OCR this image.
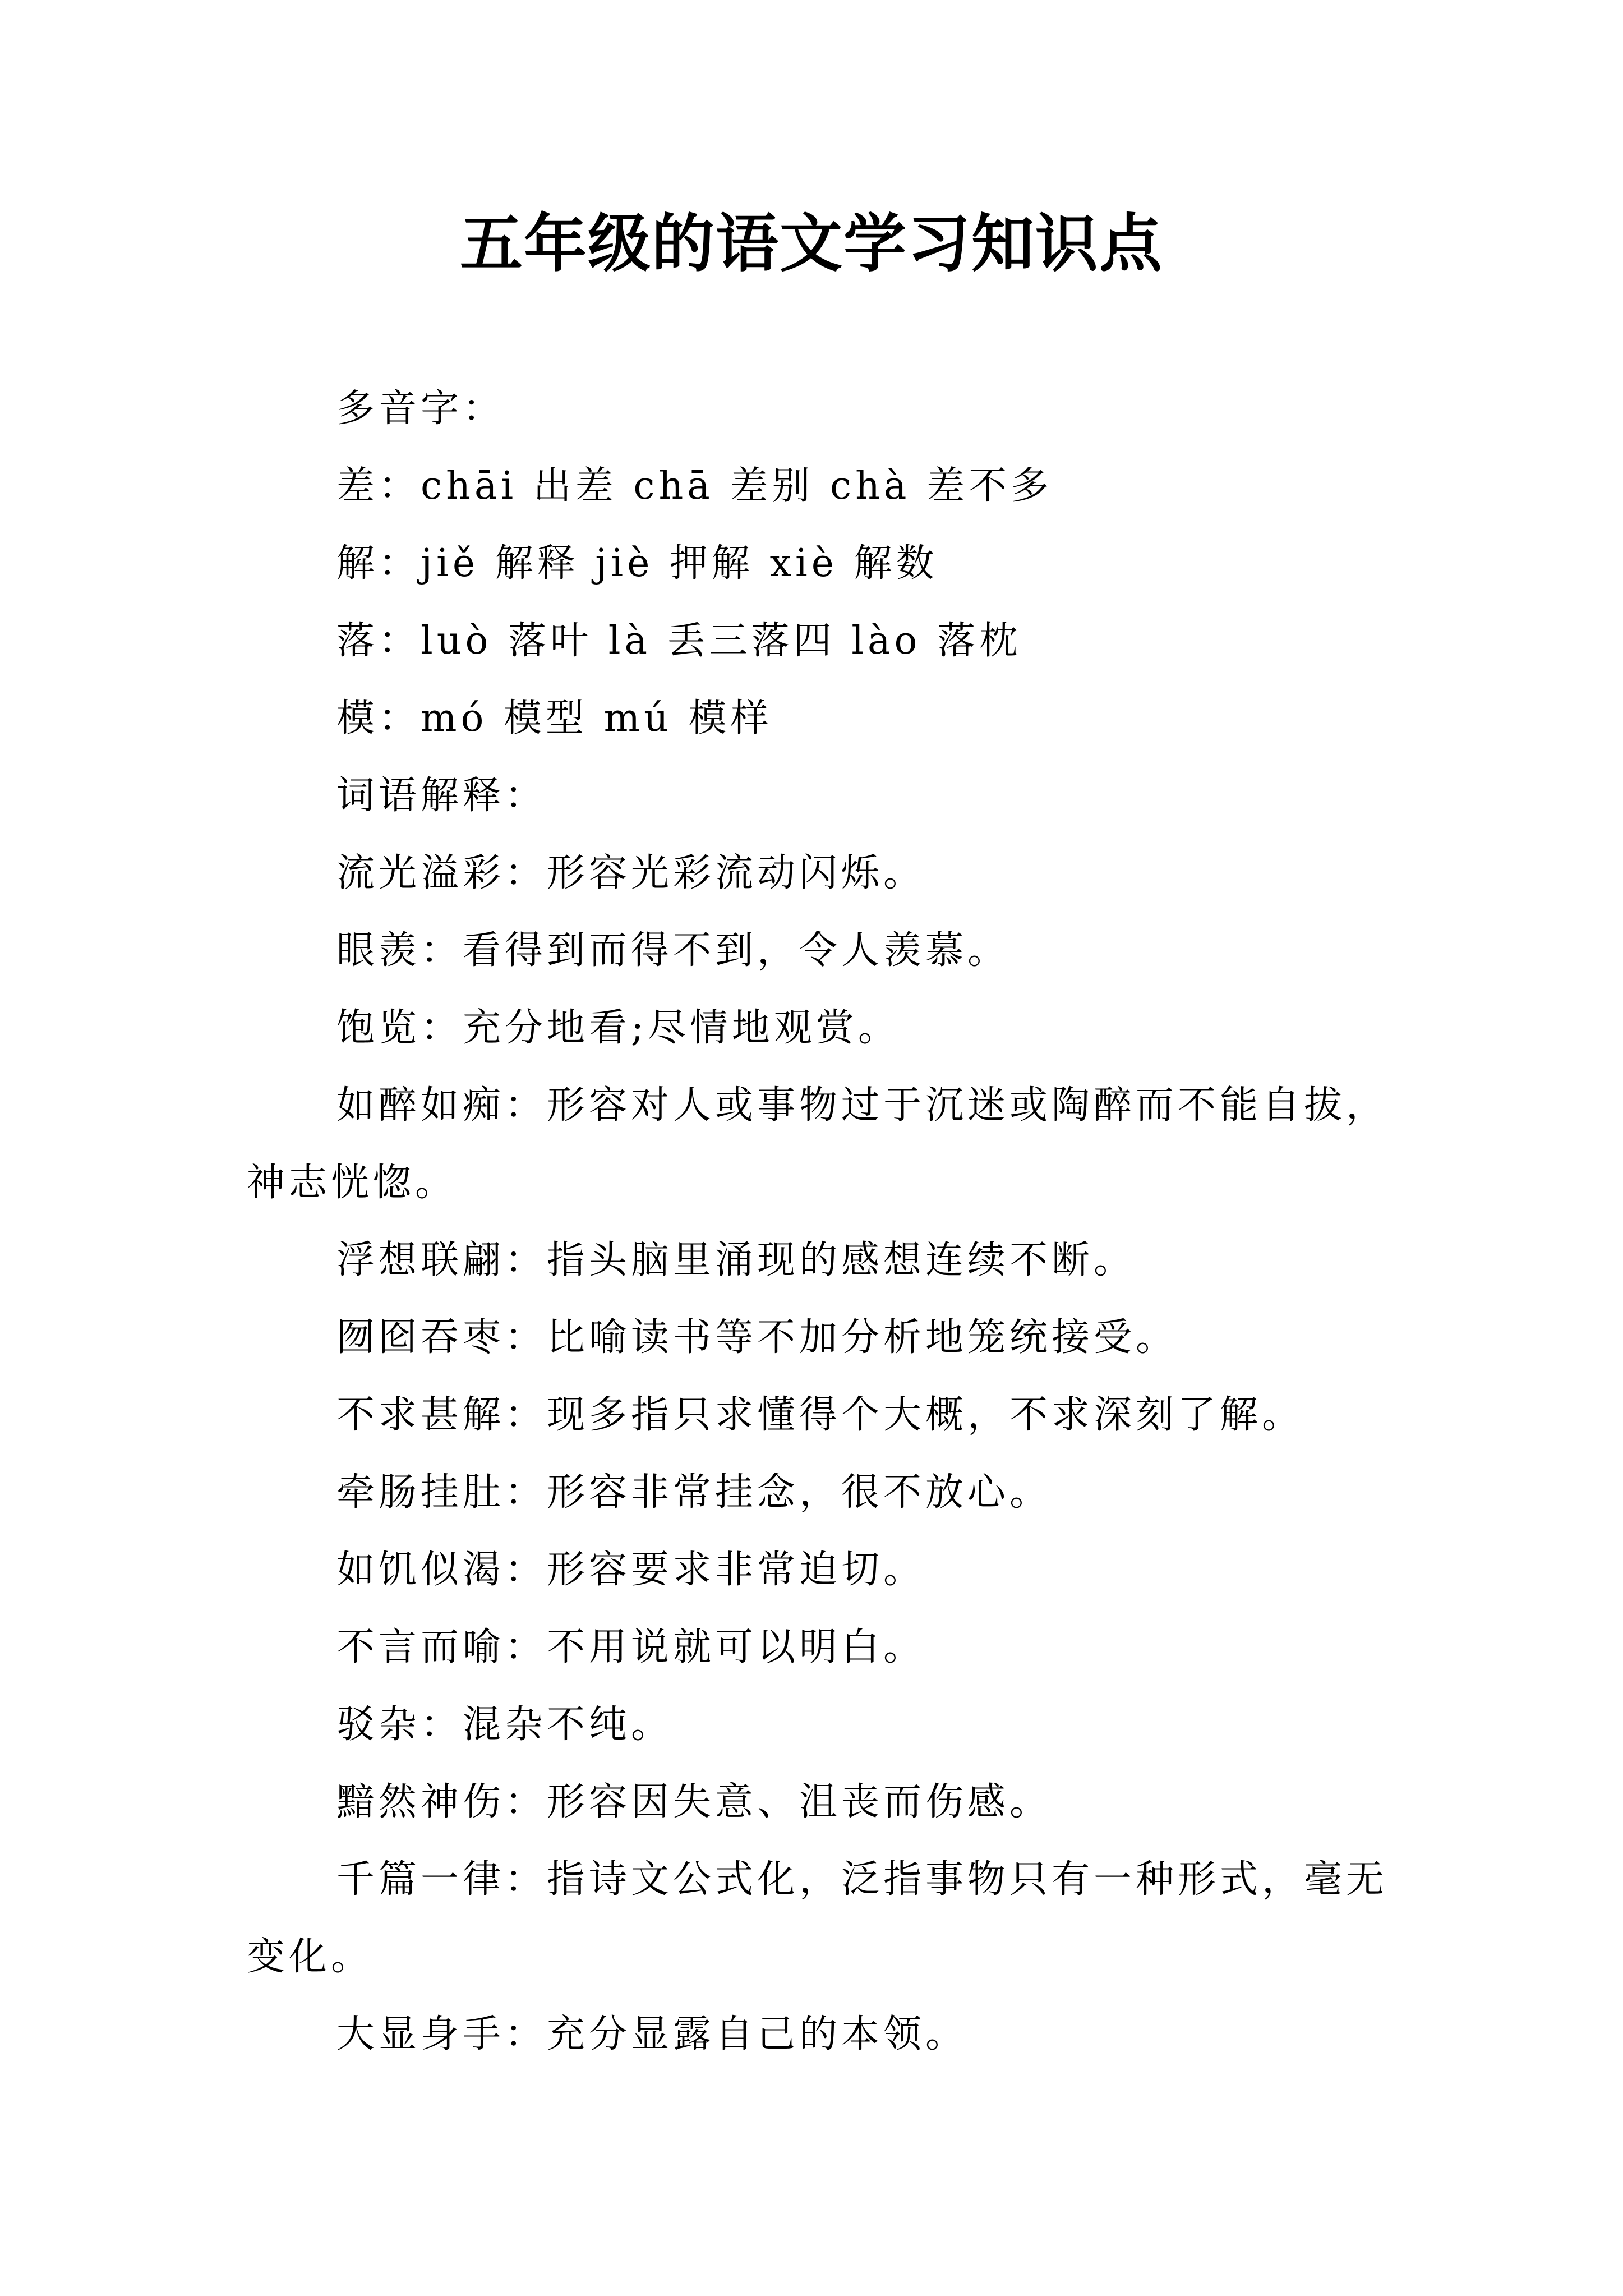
五年级的语文学习知识点

多音字：

差：chāi 出差 chā 差别 chà 差不多

解：jiě 解释 jiè 押解 xiè 解数

落：luò 落叶 là 丢三落四 lào 落枕

模：mó 模型 mú 模样

词语解释：

流光溢彩：形容光彩流动闪烁。

眼羡：看得到而得不到，令人羡慕。

饱览：充分地看;尽情地观赏。

如醉如痴：形容对人或事物过于沉迷或陶醉而不能自拔，神志恍惚。

浮想联翩：指头脑里涌现的感想连续不断。

囫囵吞枣：比喻读书等不加分析地笼统接受。

不求甚解：现多指只求懂得个大概，不求深刻了解。

牵肠挂肚：形容非常挂念，很不放心。

如饥似渴：形容要求非常迫切。

不言而喻：不用说就可以明白。

驳杂：混杂不纯。

黯然神伤：形容因失意、沮丧而伤感。

千篇一律：指诗文公式化，泛指事物只有一种形式，毫无变化。

大显身手：充分显露自己的本领。
